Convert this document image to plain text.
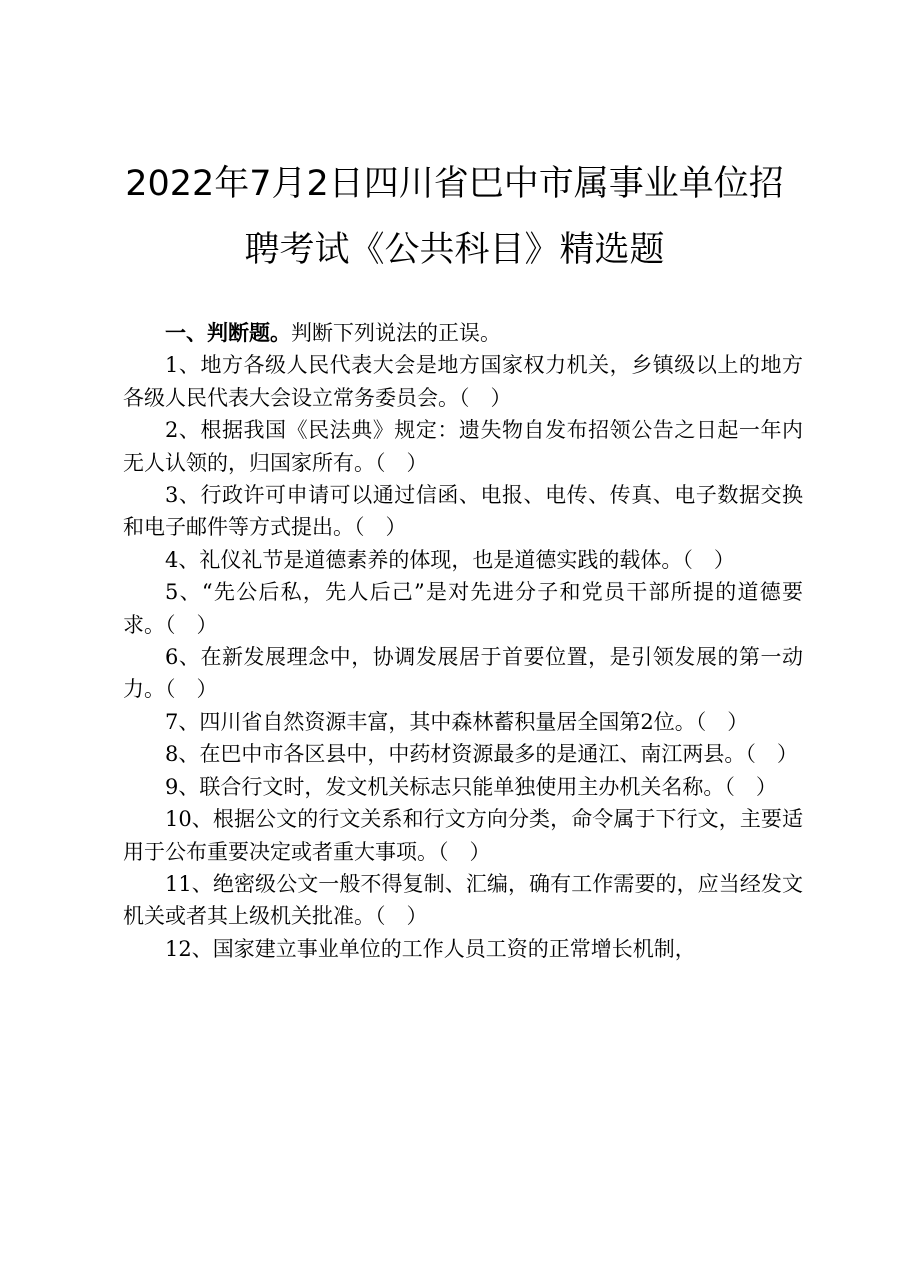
2022年7月2日四川省巴中市属事业单位招
聘考试《公共科目》精选题

一、判断题。判断下列说法的正误。

1、地方各级人民代表大会是地方国家权力机关，乡镇级以上的地方各级人民代表大会设立常务委员会。（　）

2、根据我国《民法典》规定：遗失物自发布招领公告之日起一年内无人认领的，归国家所有。（　）

3、行政许可申请可以通过信函、电报、电传、传真、电子数据交换和电子邮件等方式提出。（　）

4、礼仪礼节是道德素养的体现，也是道德实践的载体。（　）

5、“先公后私，先人后己”是对先进分子和党员干部所提的道德要求。（　）

6、在新发展理念中，协调发展居于首要位置，是引领发展的第一动力。（　）

7、四川省自然资源丰富，其中森林蓄积量居全国第2位。（　）

8、在巴中市各区县中，中药材资源最多的是通江、南江两县。（　）

9、联合行文时，发文机关标志只能单独使用主办机关名称。（　）

10、根据公文的行文关系和行文方向分类，命令属于下行文，主要适用于公布重要决定或者重大事项。（　）

11、绝密级公文一般不得复制、汇编，确有工作需要的，应当经发文机关或者其上级机关批准。（　）

12、国家建立事业单位的工作人员工资的正常增长机制，
